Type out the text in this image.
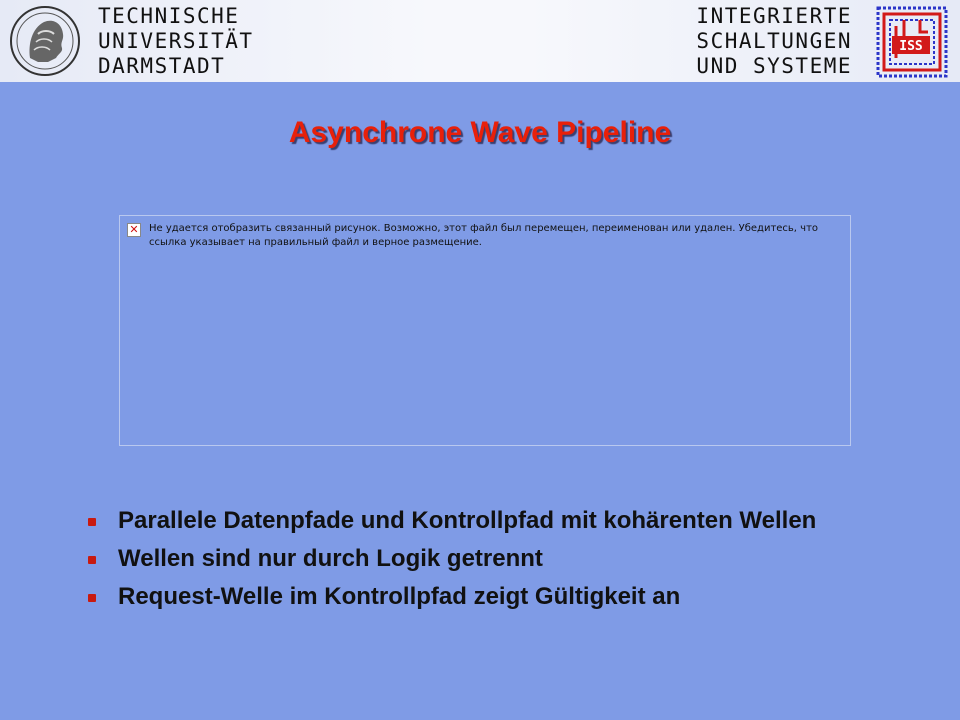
TECHNISCHE
UNIVERSITÄT
DARMSTADT
INTEGRIERTE
SCHALTUNGEN
UND SYSTEME
ISS
Asynchrone Wave Pipeline
✕ Не удается отобразить связанный рисунок. Возможно, этот файл был перемещен, переименован или удален. Убедитесь, что ссылка указывает на правильный файл и верное размещение.
Parallele Datenpfade und Kontrollpfad mit kohärenten Wellen
Wellen sind nur durch Logik getrennt
Request-Welle im Kontrollpfad zeigt Gültigkeit an
